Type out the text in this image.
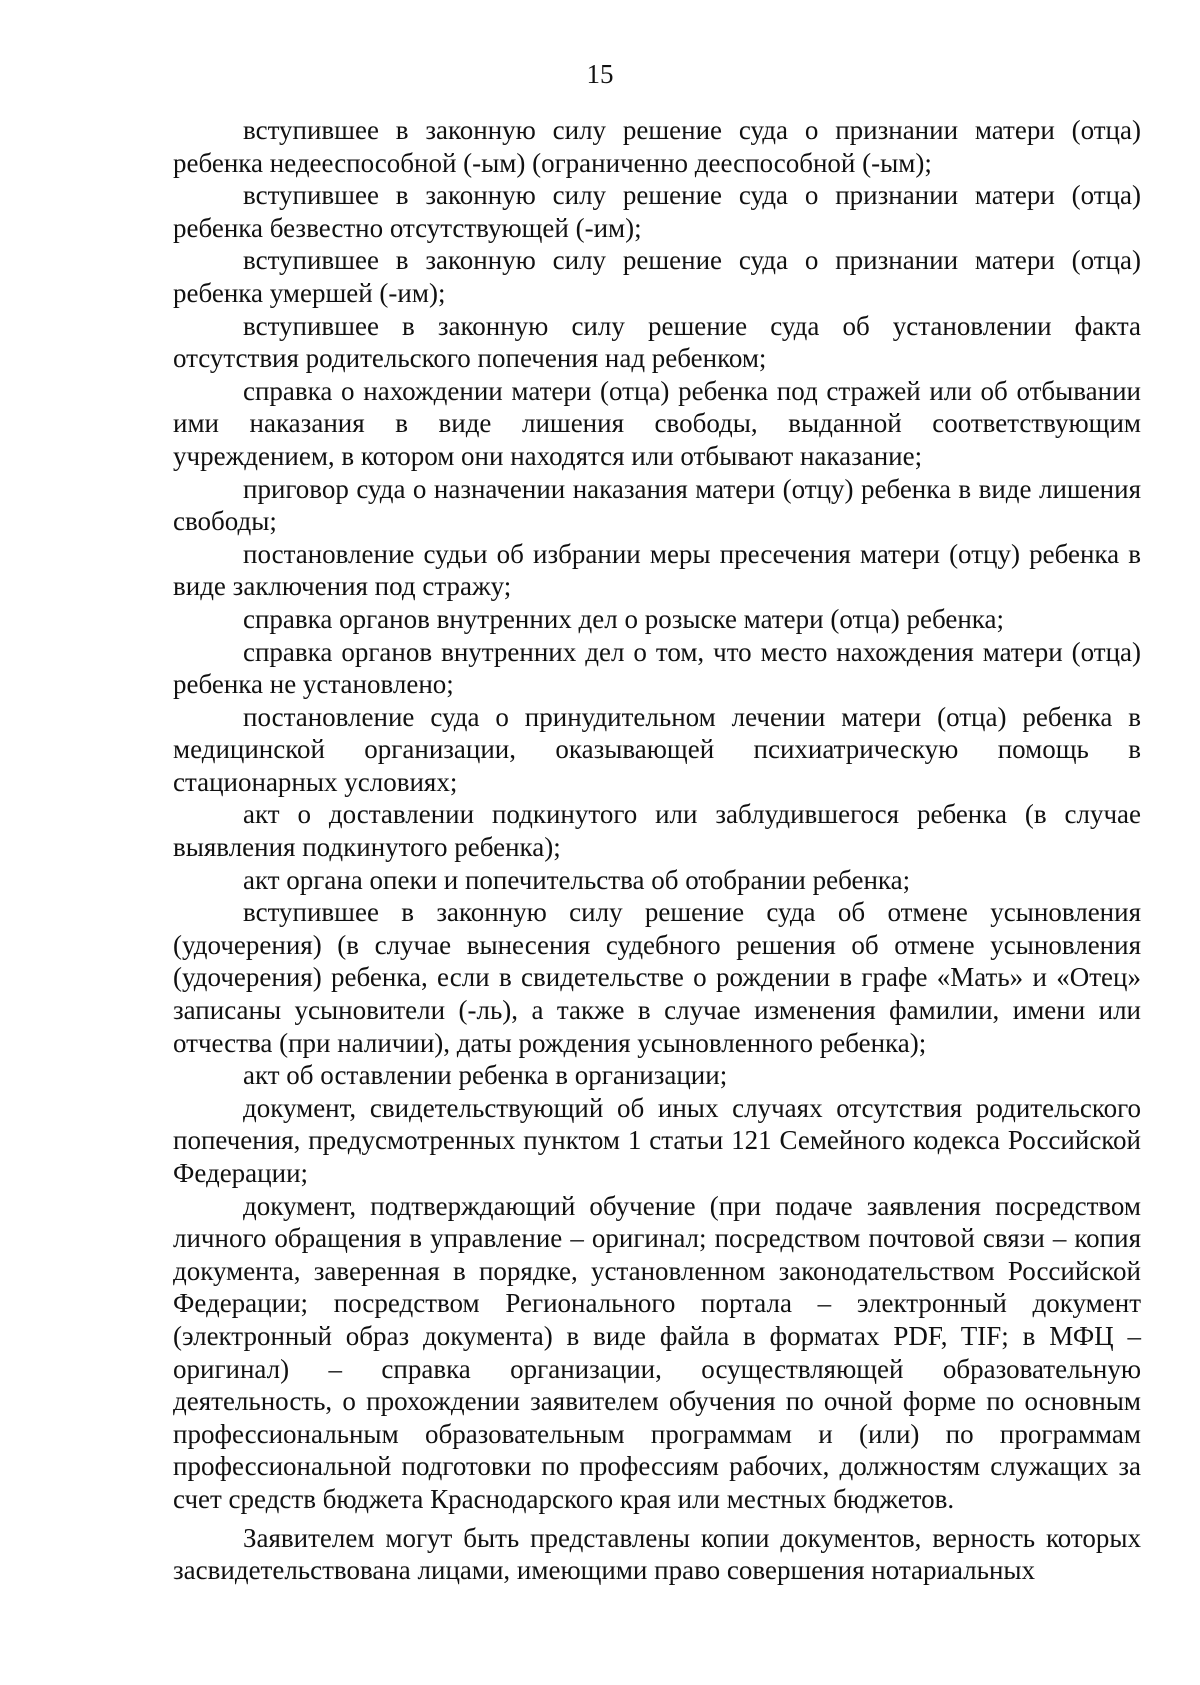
15

вступившее в законную силу решение суда о признании матери (отца) ребенка недееспособной (-ым) (ограниченно дееспособной (-ым);

вступившее в законную силу решение суда о признании матери (отца) ребенка безвестно отсутствующей (-им);

вступившее в законную силу решение суда о признании матери (отца) ребенка умершей (-им);

вступившее в законную силу решение суда об установлении факта отсутствия родительского попечения над ребенком;

справка о нахождении матери (отца) ребенка под стражей или об отбывании ими наказания в виде лишения свободы, выданной соответствующим учреждением, в котором они находятся или отбывают наказание;

приговор суда о назначении наказания матери (отцу) ребенка в виде лишения свободы;

постановление судьи об избрании меры пресечения матери (отцу) ребенка в виде заключения под стражу;

справка органов внутренних дел о розыске матери (отца) ребенка;

справка органов внутренних дел о том, что место нахождения матери (отца) ребенка не установлено;

постановление суда о принудительном лечении матери (отца) ребенка в медицинской организации, оказывающей психиатрическую помощь в стационарных условиях;

акт о доставлении подкинутого или заблудившегося ребенка (в случае выявления подкинутого ребенка);

акт органа опеки и попечительства об отобрании ребенка;

вступившее в законную силу решение суда об отмене усыновления (удочерения) (в случае вынесения судебного решения об отмене усыновления (удочерения) ребенка, если в свидетельстве о рождении в графе «Мать» и «Отец» записаны усыновители (-ль), а также в случае изменения фамилии, имени или отчества (при наличии), даты рождения усыновленного ребенка);

акт об оставлении ребенка в организации;

документ, свидетельствующий об иных случаях отсутствия родительского попечения, предусмотренных пунктом 1 статьи 121 Семейного кодекса Российской Федерации;

документ, подтверждающий обучение (при подаче заявления посредством личного обращения в управление – оригинал; посредством почтовой связи – копия документа, заверенная в порядке, установленном законодательством Российской Федерации; посредством Регионального портала – электронный документ (электронный образ документа) в виде файла в форматах PDF, TIF; в МФЦ – оригинал) – справка организации, осуществляющей образовательную деятельность, о прохождении заявителем обучения по очной форме по основным профессиональным образовательным программам и (или) по программам профессиональной подготовки по профессиям рабочих, должностям служащих за счет средств бюджета Краснодарского края или местных бюджетов.

Заявителем могут быть представлены копии документов, верность которых засвидетельствована лицами, имеющими право совершения нотариальных
